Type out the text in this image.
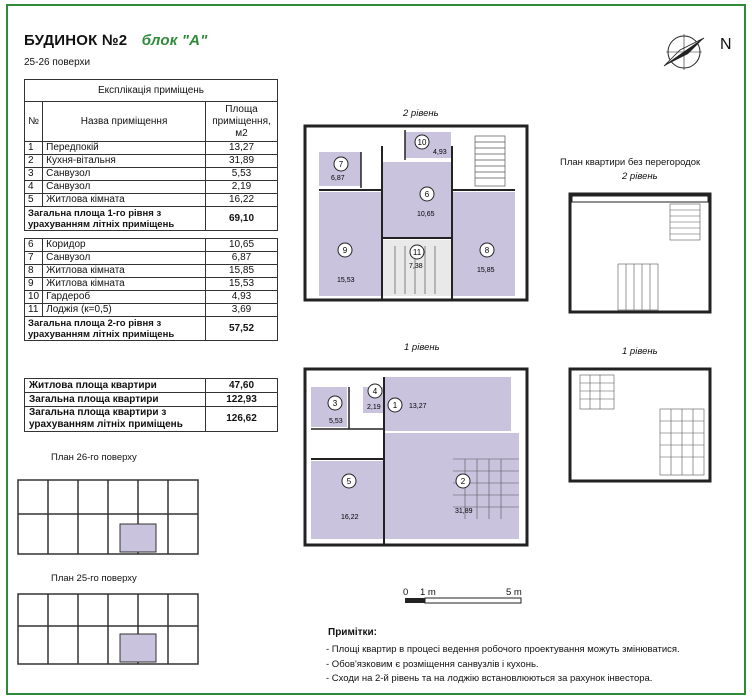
БУДИНОК №2 блок "А"
25-26 поверхи
Експлікація приміщень		
№	Назва приміщення	Площа приміщення, м2
1	Передпокій	13,27
2	Кухня-вітальня	31,89
3	Санвузол	5,53
4	Санвузол	2,19
5	Житлова кімната	16,22
Загальна площа 1-го рівня з урахуванням літніх приміщень		69,10

6	Коридор	10,65
7	Санвузол	6,87
8	Житлова кімната	15,85
9	Житлова кімната	15,53
10	Гардероб	4,93
11	Лоджія (к=0,5)	3,69
Загальна площа 2-го рівня з урахуванням літніх приміщень		57,52
Житлова площа квартири	47,60
Загальна площа квартири	122,93
Загальна площа квартири з урахуванням літніх приміщень	126,62
N
2 рівень
10
4,93
7
6,87
6
10,65
9
15,53
11
7,38
8
15,85
1 рівень
3
5,53
4
2,19 1 13,27
5
16,22
2
31,89
План квартири без перегородок
2 рівень
1 рівень
План 26-го поверху
План 25-го поверху
0 1 m	5 m
Примітки:
- Площі квартир в процесі ведення робочого проектування можуть змінюватися.
- Обов'язковим є розміщення санвузлів і кухонь.
- Сходи на 2-й рівень та на лоджію встановлюються за рахунок інвестора.
